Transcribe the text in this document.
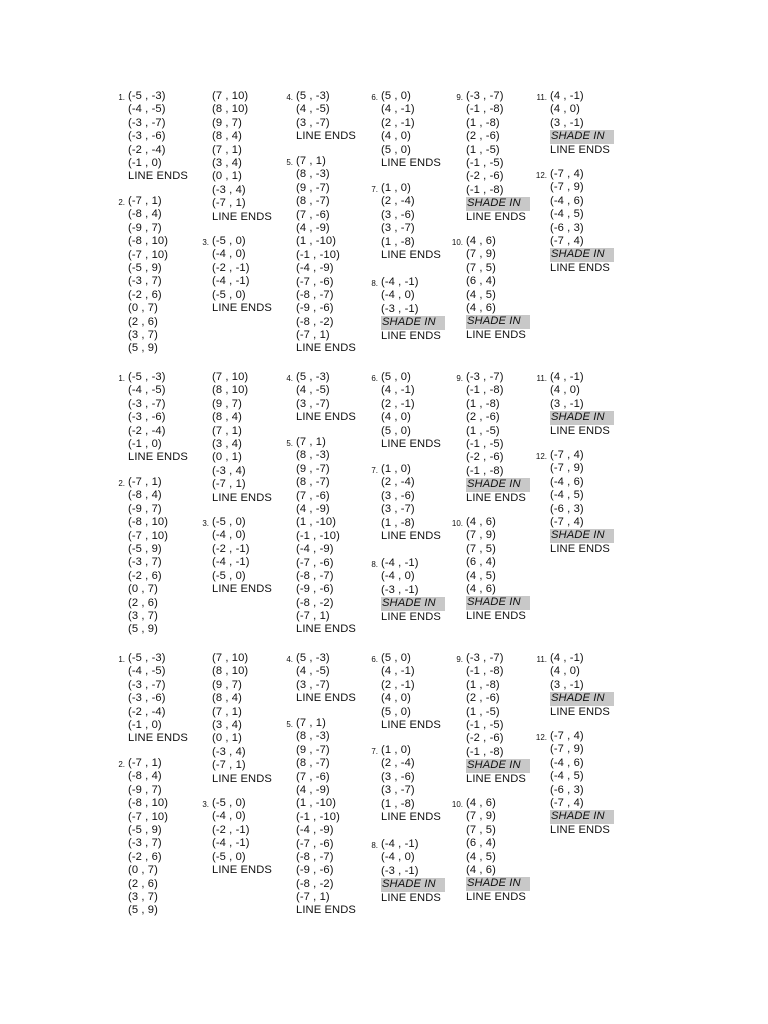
1. (-5 , -3)
(-4 , -5)
(-3 , -7)
(-3 , -6)
(-2 , -4)
(-1 , 0)
LINE ENDS
2. (-7 , 1)
(-8 , 4)
(-9 , 7)
(-8 , 10)
(-7 , 10)
(-5 , 9)
(-3 , 7)
(-2 , 6)
(0 , 7)
(2 , 6)
(3 , 7)
(5 , 9)
(7 , 10)
(8 , 10)
(9 , 7)
(8 , 4)
(7 , 1)
(3 , 4)
(0 , 1)
(-3 , 4)
(-7 , 1)
LINE ENDS
3. (-5 , 0)
(-4 , 0)
(-2 , -1)
(-4 , -1)
(-5 , 0)
LINE ENDS
4. (5 , -3)
(4 , -5)
(3 , -7)
LINE ENDS
5. (7 , 1)
(8 , -3)
(9 , -7)
(8 , -7)
(7 , -6)
(4 , -9)
(1 , -10)
(-1 , -10)
(-4 , -9)
(-7 , -6)
(-8 , -7)
(-9 , -6)
(-8 , -2)
(-7 , 1)
LINE ENDS
6. (5 , 0)
(4 , -1)
(2 , -1)
(4 , 0)
(5 , 0)
LINE ENDS
7. (1 , 0)
(2 , -4)
(3 , -6)
(3 , -7)
(1 , -8)
LINE ENDS
8. (-4 , -1)
(-4 , 0)
(-3 , -1)
SHADE IN
LINE ENDS
9. (-3 , -7)
(-1 , -8)
(1 , -8)
(2 , -6)
(1 , -5)
(-1 , -5)
(-2 , -6)
(-1 , -8)
SHADE IN
LINE ENDS
10. (4 , 6)
(7 , 9)
(7 , 5)
(6 , 4)
(4 , 5)
(4 , 6)
SHADE IN
LINE ENDS
11. (4 , -1)
(4 , 0)
(3 , -1)
SHADE IN
LINE ENDS
12. (-7 , 4)
(-7 , 9)
(-4 , 6)
(-4 , 5)
(-6 , 3)
(-7 , 4)
SHADE IN
LINE ENDS
1. (-5 , -3)
(-4 , -5)
(-3 , -7)
(-3 , -6)
(-2 , -4)
(-1 , 0)
LINE ENDS
2. (-7 , 1)
(-8 , 4)
(-9 , 7)
(-8 , 10)
(-7 , 10)
(-5 , 9)
(-3 , 7)
(-2 , 6)
(0 , 7)
(2 , 6)
(3 , 7)
(5 , 9)
(7 , 10)
(8 , 10)
(9 , 7)
(8 , 4)
(7 , 1)
(3 , 4)
(0 , 1)
(-3 , 4)
(-7 , 1)
LINE ENDS
3. (-5 , 0)
(-4 , 0)
(-2 , -1)
(-4 , -1)
(-5 , 0)
LINE ENDS
4. (5 , -3)
(4 , -5)
(3 , -7)
LINE ENDS
5. (7 , 1)
(8 , -3)
(9 , -7)
(8 , -7)
(7 , -6)
(4 , -9)
(1 , -10)
(-1 , -10)
(-4 , -9)
(-7 , -6)
(-8 , -7)
(-9 , -6)
(-8 , -2)
(-7 , 1)
LINE ENDS
6. (5 , 0)
(4 , -1)
(2 , -1)
(4 , 0)
(5 , 0)
LINE ENDS
7. (1 , 0)
(2 , -4)
(3 , -6)
(3 , -7)
(1 , -8)
LINE ENDS
8. (-4 , -1)
(-4 , 0)
(-3 , -1)
SHADE IN
LINE ENDS
9. (-3 , -7)
(-1 , -8)
(1 , -8)
(2 , -6)
(1 , -5)
(-1 , -5)
(-2 , -6)
(-1 , -8)
SHADE IN
LINE ENDS
10. (4 , 6)
(7 , 9)
(7 , 5)
(6 , 4)
(4 , 5)
(4 , 6)
SHADE IN
LINE ENDS
11. (4 , -1)
(4 , 0)
(3 , -1)
SHADE IN
LINE ENDS
12. (-7 , 4)
(-7 , 9)
(-4 , 6)
(-4 , 5)
(-6 , 3)
(-7 , 4)
SHADE IN
LINE ENDS
1. (-5 , -3)
(-4 , -5)
(-3 , -7)
(-3 , -6)
(-2 , -4)
(-1 , 0)
LINE ENDS
2. (-7 , 1)
(-8 , 4)
(-9 , 7)
(-8 , 10)
(-7 , 10)
(-5 , 9)
(-3 , 7)
(-2 , 6)
(0 , 7)
(2 , 6)
(3 , 7)
(5 , 9)
(7 , 10)
(8 , 10)
(9 , 7)
(8 , 4)
(7 , 1)
(3 , 4)
(0 , 1)
(-3 , 4)
(-7 , 1)
LINE ENDS
3. (-5 , 0)
(-4 , 0)
(-2 , -1)
(-4 , -1)
(-5 , 0)
LINE ENDS
4. (5 , -3)
(4 , -5)
(3 , -7)
LINE ENDS
5. (7 , 1)
(8 , -3)
(9 , -7)
(8 , -7)
(7 , -6)
(4 , -9)
(1 , -10)
(-1 , -10)
(-4 , -9)
(-7 , -6)
(-8 , -7)
(-9 , -6)
(-8 , -2)
(-7 , 1)
LINE ENDS
6. (5 , 0)
(4 , -1)
(2 , -1)
(4 , 0)
(5 , 0)
LINE ENDS
7. (1 , 0)
(2 , -4)
(3 , -6)
(3 , -7)
(1 , -8)
LINE ENDS
8. (-4 , -1)
(-4 , 0)
(-3 , -1)
SHADE IN
LINE ENDS
9. (-3 , -7)
(-1 , -8)
(1 , -8)
(2 , -6)
(1 , -5)
(-1 , -5)
(-2 , -6)
(-1 , -8)
SHADE IN
LINE ENDS
10. (4 , 6)
(7 , 9)
(7 , 5)
(6 , 4)
(4 , 5)
(4 , 6)
SHADE IN
LINE ENDS
11. (4 , -1)
(4 , 0)
(3 , -1)
SHADE IN
LINE ENDS
12. (-7 , 4)
(-7 , 9)
(-4 , 6)
(-4 , 5)
(-6 , 3)
(-7 , 4)
SHADE IN
LINE ENDS
